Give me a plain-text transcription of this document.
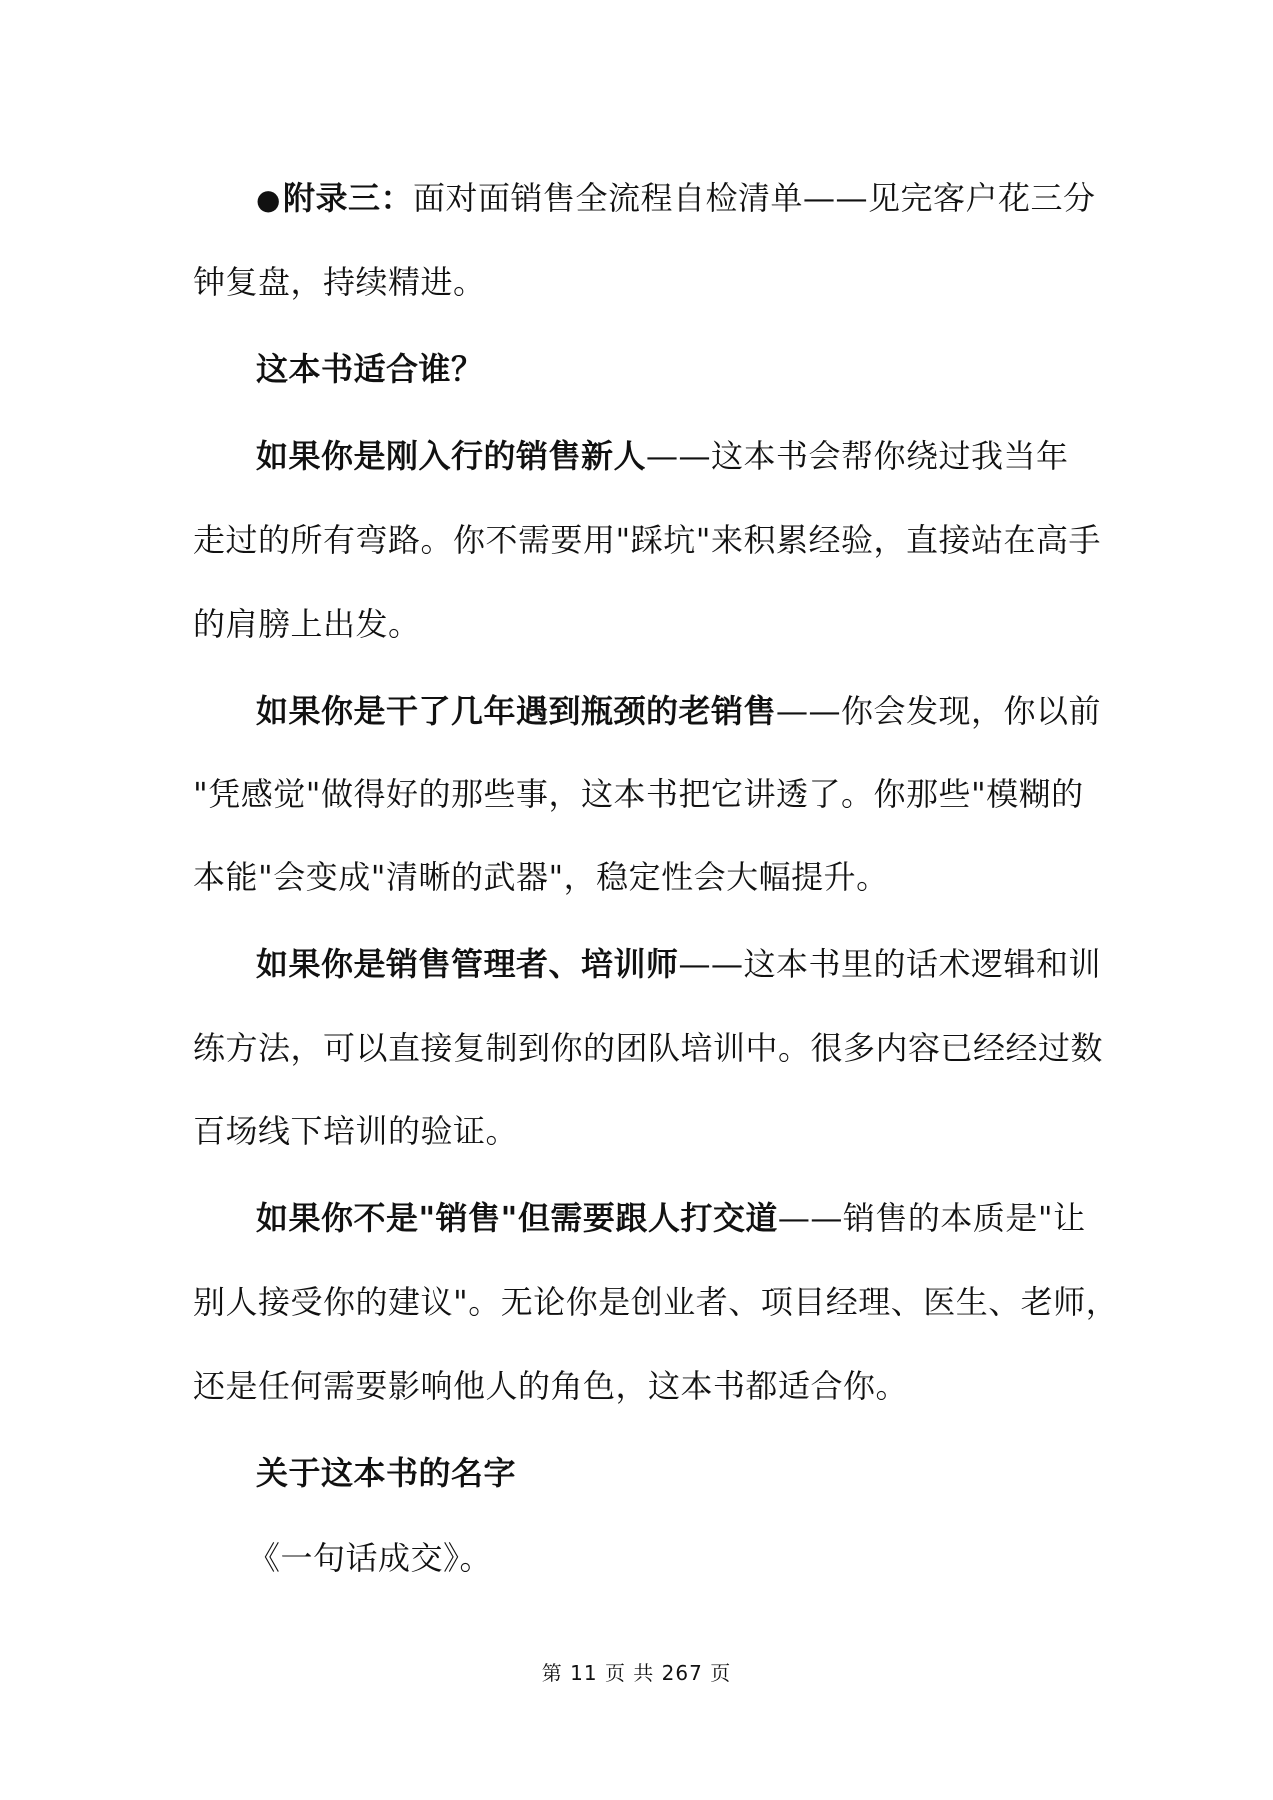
●附录三：面对面销售全流程自检清单——见完客户花三分
钟复盘，持续精进。
这本书适合谁？
如果你是刚入行的销售新人——这本书会帮你绕过我当年
走过的所有弯路。你不需要用"踩坑"来积累经验，直接站在高手
的肩膀上出发。
如果你是干了几年遇到瓶颈的老销售——你会发现，你以前
"凭感觉"做得好的那些事，这本书把它讲透了。你那些"模糊的
本能"会变成"清晰的武器"，稳定性会大幅提升。
如果你是销售管理者、培训师——这本书里的话术逻辑和训
练方法，可以直接复制到你的团队培训中。很多内容已经经过数
百场线下培训的验证。
如果你不是"销售"但需要跟人打交道——销售的本质是"让
别人接受你的建议"。无论你是创业者、项目经理、医生、老师，
还是任何需要影响他人的角色，这本书都适合你。
关于这本书的名字
《一句话成交》。
第 11 页 共 267 页
